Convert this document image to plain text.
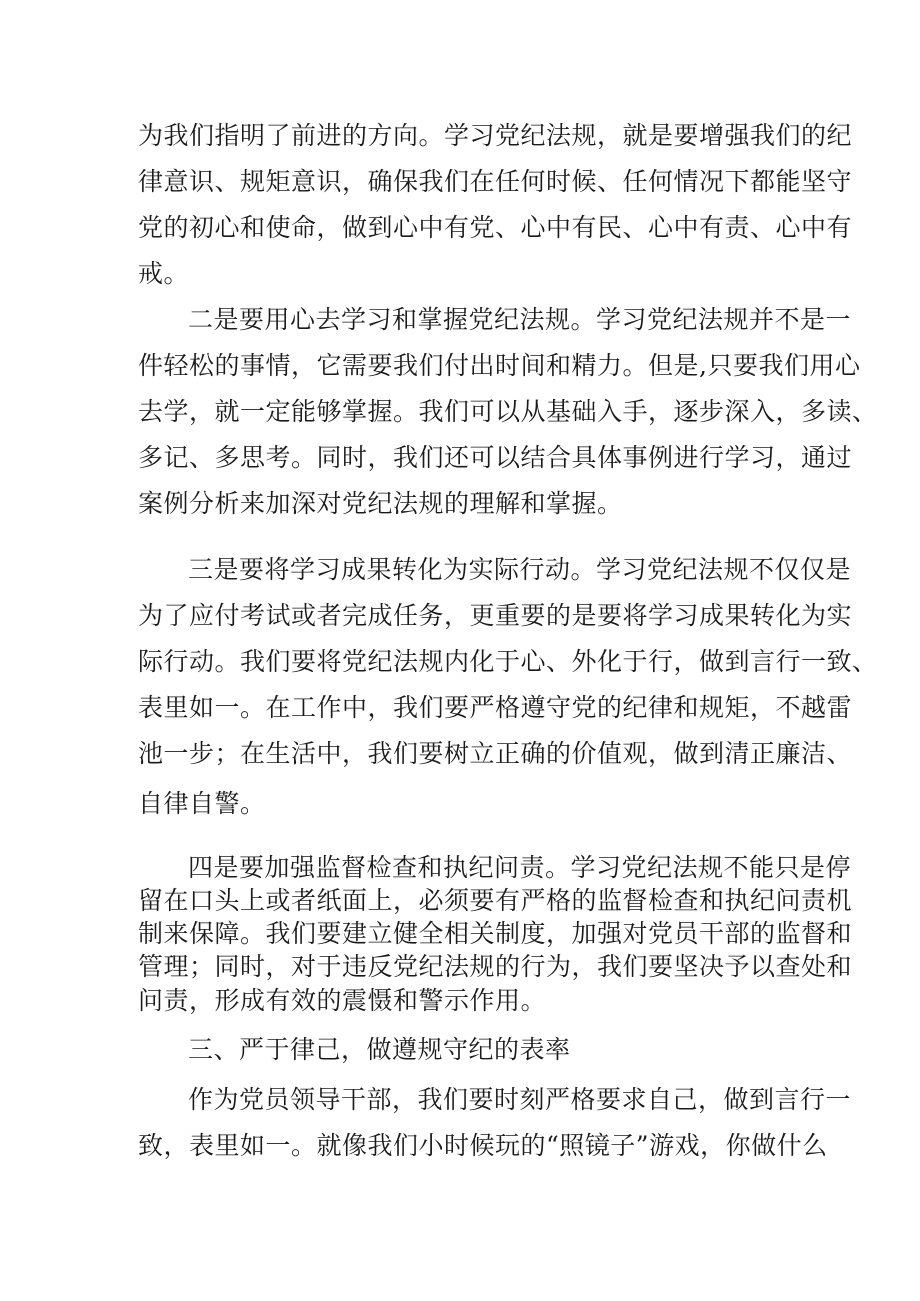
为我们指明了前进的方向。学习党纪法规，就是要增强我们的纪
律意识、规矩意识，确保我们在任何时候、任何情况下都能坚守
党的初心和使命，做到心中有党、心中有民、心中有责、心中有
戒。
二是要用心去学习和掌握党纪法规。学习党纪法规并不是一
件轻松的事情，它需要我们付出时间和精力。但是,只要我们用心
去学，就一定能够掌握。我们可以从基础入手，逐步深入，多读、
多记、多思考。同时，我们还可以结合具体事例进行学习，通过
案例分析来加深对党纪法规的理解和掌握。
三是要将学习成果转化为实际行动。学习党纪法规不仅仅是
为了应付考试或者完成任务，更重要的是要将学习成果转化为实
际行动。我们要将党纪法规内化于心、外化于行，做到言行一致、
表里如一。在工作中，我们要严格遵守党的纪律和规矩，不越雷
池一步；在生活中，我们要树立正确的价值观，做到清正廉洁、
自律自警。
四是要加强监督检查和执纪问责。学习党纪法规不能只是停
留在口头上或者纸面上，必须要有严格的监督检查和执纪问责机
制来保障。我们要建立健全相关制度，加强对党员干部的监督和
管理；同时，对于违反党纪法规的行为，我们要坚决予以查处和
问责，形成有效的震慑和警示作用。
三、严于律己，做遵规守纪的表率
作为党员领导干部，我们要时刻严格要求自己，做到言行一
致，表里如一。就像我们小时候玩的“照镜子”游戏，你做什么
